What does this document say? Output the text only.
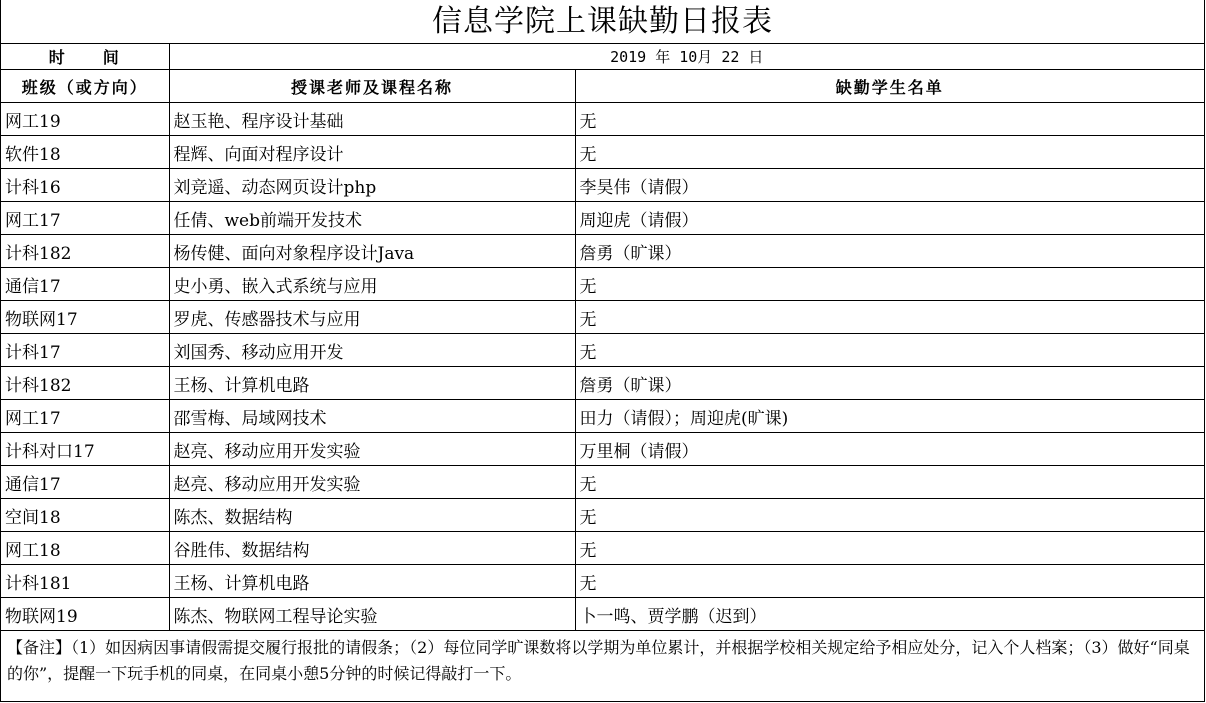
信息学院上课缺勤日报表
时 间	2019 年 10月 22 日	
班级（或方向）	授课老师及课程名称	缺勤学生名单
网工19	赵玉艳、程序设计基础	无
软件18	程辉、向面对程序设计	无
计科16	刘竞遥、动态网页设计php	李昊伟（请假）
网工17	任倩、web前端开发技术	周迎虎（请假）
计科182	杨传健、面向对象程序设计Java	詹勇（旷课）
通信17	史小勇、嵌入式系统与应用	无
物联网17	罗虎、传感器技术与应用	无
计科17	刘国秀、移动应用开发	无
计科182	王杨、计算机电路	詹勇（旷课）
网工17	邵雪梅、局域网技术	田力（请假）；周迎虎(旷课)
计科对口17	赵亮、移动应用开发实验	万里桐（请假）
通信17	赵亮、移动应用开发实验	无
空间18	陈杰、数据结构	无
网工18	谷胜伟、数据结构	无
计科181	王杨、计算机电路	无
物联网19	陈杰、物联网工程导论实验	卜一鸣、贾学鹏（迟到）
【备注】（1）如因病因事请假需提交履行报批的请假条；（2）每位同学旷课数将以学期为单位累计，并根据学校相关规定给予相应处分，记入个人档案；（3）做好“同桌的你”，提醒一下玩手机的同桌，在同桌小憩5分钟的时候记得敲打一下。
